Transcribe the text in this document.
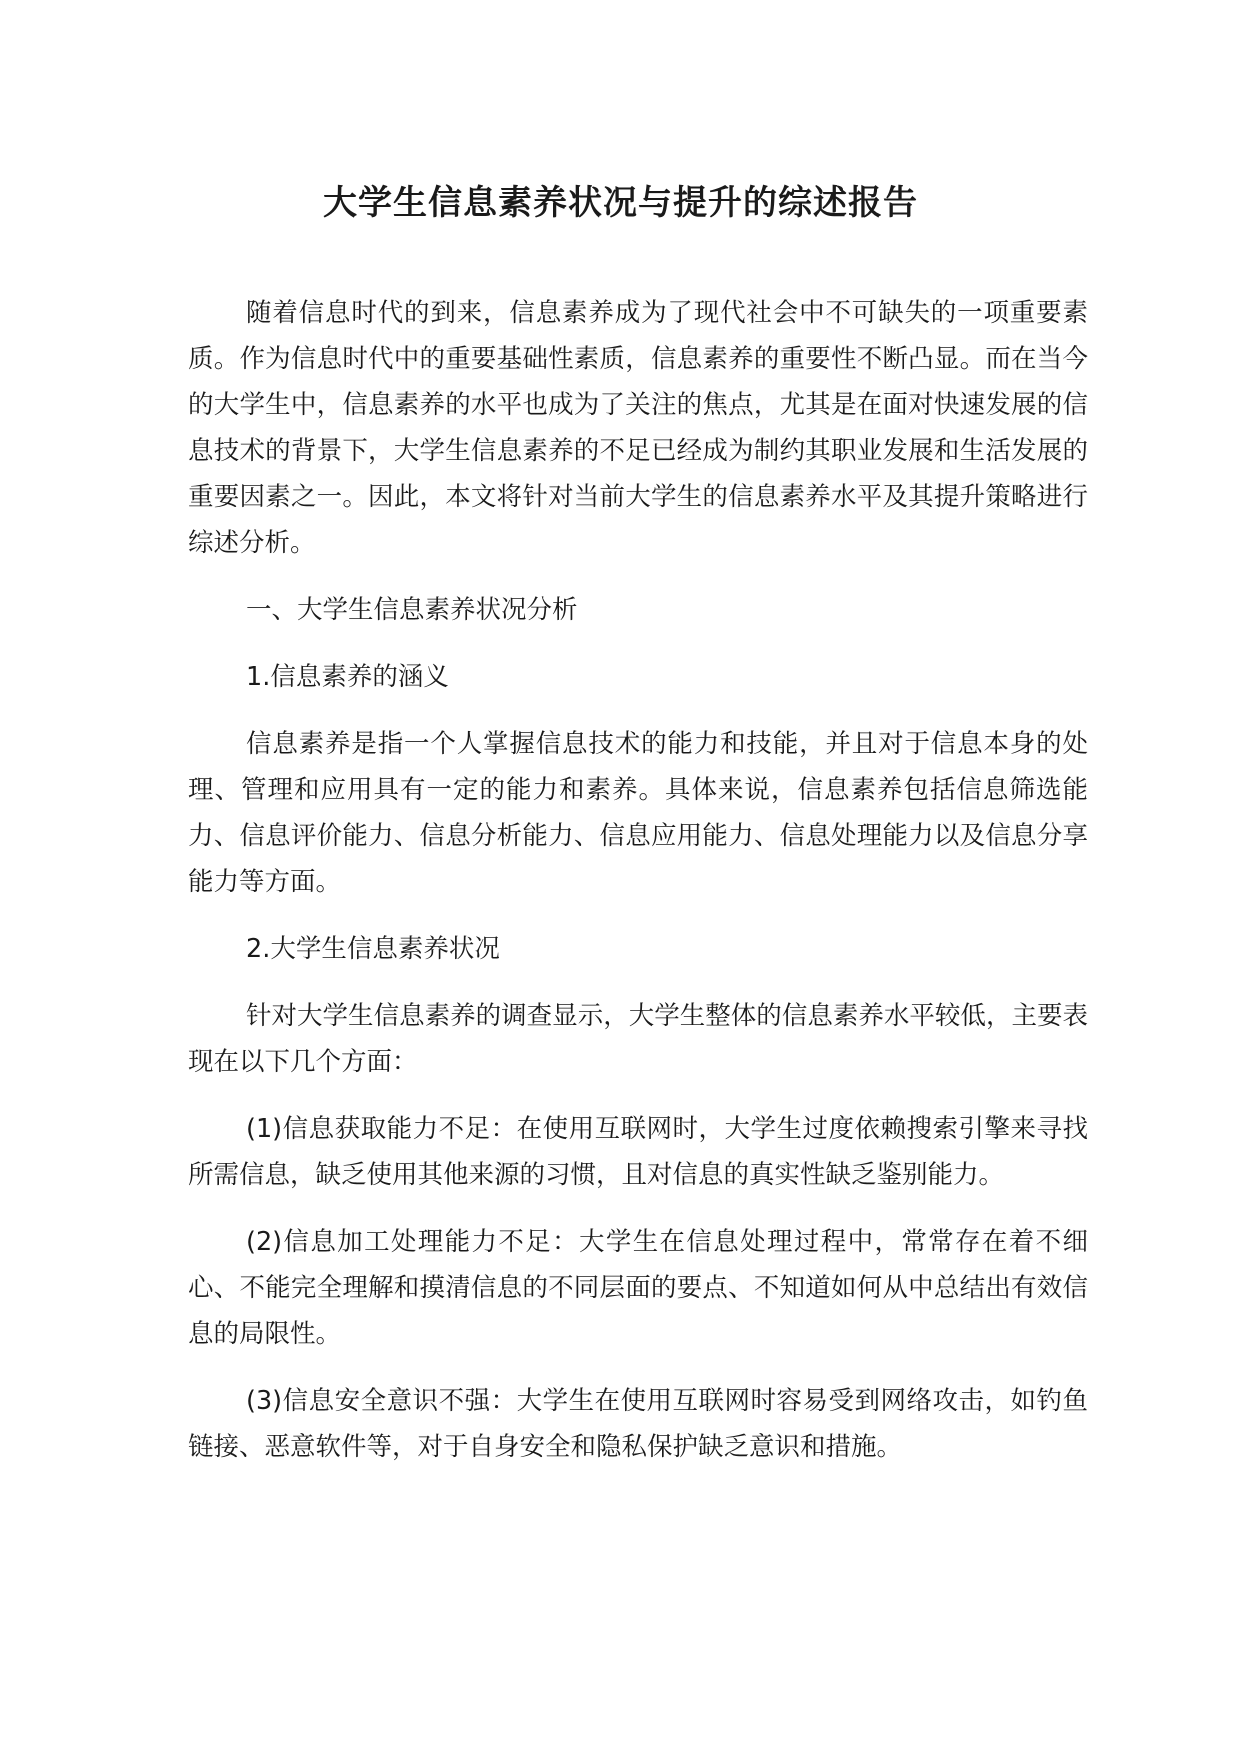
大学生信息素养状况与提升的综述报告

随着信息时代的到来，信息素养成为了现代社会中不可缺失的一项重要素质。作为信息时代中的重要基础性素质，信息素养的重要性不断凸显。而在当今的大学生中，信息素养的水平也成为了关注的焦点，尤其是在面对快速发展的信息技术的背景下，大学生信息素养的不足已经成为制约其职业发展和生活发展的重要因素之一。因此，本文将针对当前大学生的信息素养水平及其提升策略进行综述分析。

一、大学生信息素养状况分析

1.信息素养的涵义

信息素养是指一个人掌握信息技术的能力和技能，并且对于信息本身的处理、管理和应用具有一定的能力和素养。具体来说，信息素养包括信息筛选能力、信息评价能力、信息分析能力、信息应用能力、信息处理能力以及信息分享能力等方面。

2.大学生信息素养状况

针对大学生信息素养的调查显示，大学生整体的信息素养水平较低，主要表现在以下几个方面：

(1)信息获取能力不足：在使用互联网时，大学生过度依赖搜索引擎来寻找所需信息，缺乏使用其他来源的习惯，且对信息的真实性缺乏鉴别能力。

(2)信息加工处理能力不足：大学生在信息处理过程中，常常存在着不细心、不能完全理解和摸清信息的不同层面的要点、不知道如何从中总结出有效信息的局限性。

(3)信息安全意识不强：大学生在使用互联网时容易受到网络攻击，如钓鱼链接、恶意软件等，对于自身安全和隐私保护缺乏意识和措施。
